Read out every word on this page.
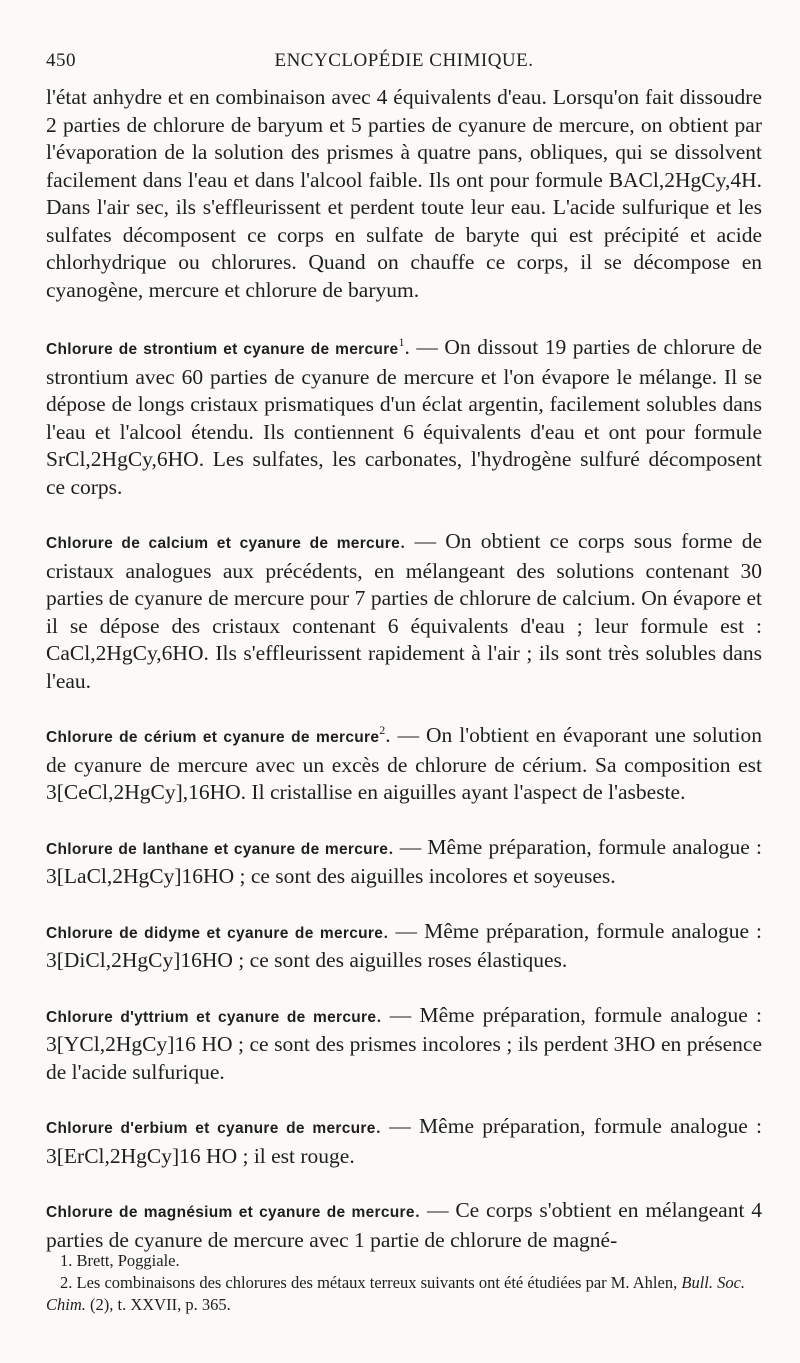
450	ENCYCLOPÉDIE CHIMIQUE.

l'état anhydre et en combinaison avec 4 équivalents d'eau. Lorsqu'on fait dissoudre 2 parties de chlorure de baryum et 5 parties de cyanure de mercure, on obtient par l'évaporation de la solution des prismes à quatre pans, obliques, qui se dissolvent facilement dans l'eau et dans l'alcool faible. Ils ont pour formule BACl,2HgCy,4H. Dans l'air sec, ils s'effleurissent et perdent toute leur eau. L'acide sulfurique et les sulfates décomposent ce corps en sulfate de baryte qui est précipité et acide chlorhydrique ou chlorures. Quand on chauffe ce corps, il se décompose en cyanogène, mercure et chlorure de baryum.

Chlorure de strontium et cyanure de mercure$^1$. — On dissout 19 parties de chlorure de strontium avec 60 parties de cyanure de mercure et l'on évapore le mélange. Il se dépose de longs cristaux prismatiques d'un éclat argentin, facilement solubles dans l'eau et l'alcool étendu. Ils contiennent 6 équivalents d'eau et ont pour formule SrCl,2HgCy,6HO. Les sulfates, les carbonates, l'hydrogène sulfuré décomposent ce corps.

Chlorure de calcium et cyanure de mercure. — On obtient ce corps sous forme de cristaux analogues aux précédents, en mélangeant des solutions contenant 30 parties de cyanure de mercure pour 7 parties de chlorure de calcium. On évapore et il se dépose des cristaux contenant 6 équivalents d'eau ; leur formule est : CaCl,2HgCy,6HO. Ils s'effleurissent rapidement à l'air ; ils sont très solubles dans l'eau.

Chlorure de cérium et cyanure de mercure$^2$. — On l'obtient en évaporant une solution de cyanure de mercure avec un excès de chlorure de cérium. Sa composition est 3[CeCl,2HgCy],16HO. Il cristallise en aiguilles ayant l'aspect de l'asbeste.

Chlorure de lanthane et cyanure de mercure. — Même préparation, formule analogue : 3[LaCl,2HgCy]16HO ; ce sont des aiguilles incolores et soyeuses.

Chlorure de didyme et cyanure de mercure. — Même préparation, formule analogue : 3[DiCl,2HgCy]16HO ; ce sont des aiguilles roses élastiques.

Chlorure d'yttrium et cyanure de mercure. — Même préparation, formule analogue : 3[YCl,2HgCy]16 HO ; ce sont des prismes incolores ; ils perdent 3HO en présence de l'acide sulfurique.

Chlorure d'erbium et cyanure de mercure. — Même préparation, formule analogue : 3[ErCl,2HgCy]16 HO ; il est rouge.

Chlorure de magnésium et cyanure de mercure. — Ce corps s'obtient en mélangeant 4 parties de cyanure de mercure avec 1 partie de chlorure de magné-

1. Brett, Poggiale.

2. Les combinaisons des chlorures des métaux terreux suivants ont été étudiées par M. Ahlen, Bull. Soc. Chim. (2), t. XXVII, p. 365.
